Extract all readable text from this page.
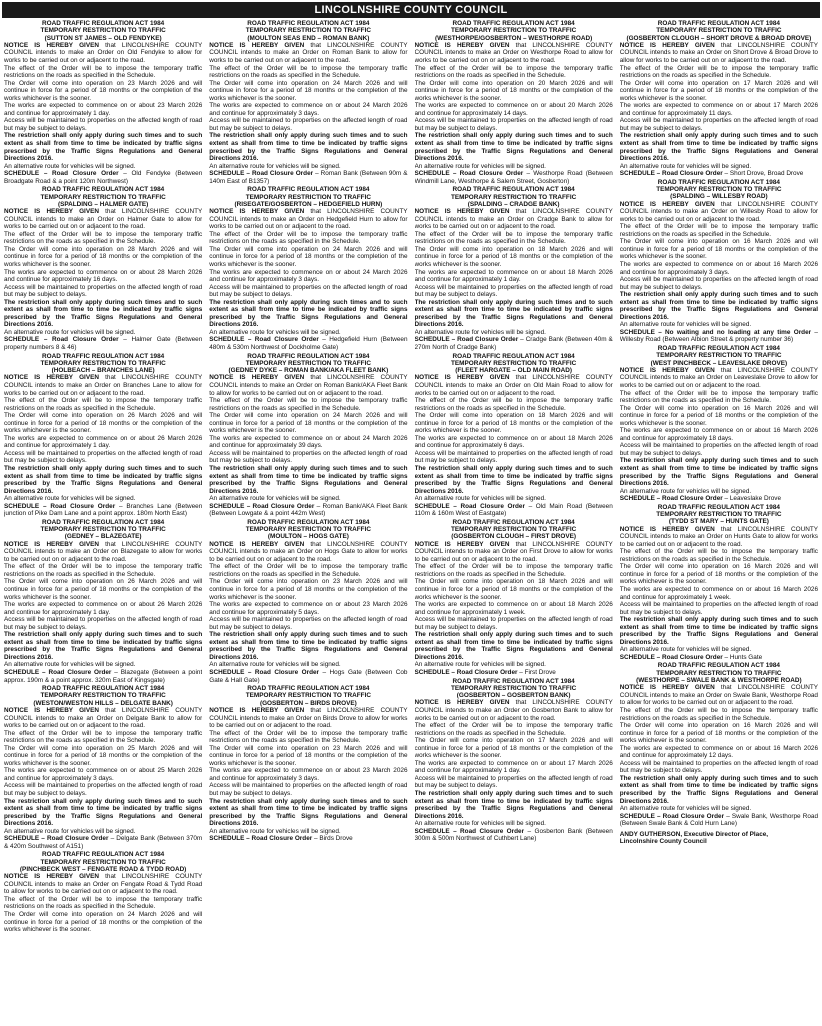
LINCOLNSHIRE COUNTY COUNCIL
ROAD TRAFFIC REGULATION ACT 1984
TEMPORARY RESTRICTION TO TRAFFIC
(SUTTON ST JAMES – OLD FENDYKE)

NOTICE IS HEREBY GIVEN that LINCOLNSHIRE COUNTY COUNCIL intends to make an Order on Old Fendyke to allow for works to be carried out on or adjacent to the road.

The effect of the Order will be to impose the temporary traffic restrictions on the roads as specified in the Schedule.

The Order will come into operation on 23 March 2026 and will continue in force for a period of 18 months or the completion of the works whichever is the sooner.

The works are expected to commence on or about 23 March 2026 and continue for approximately 1 day.

Access will be maintained to properties on the affected length of road but may be subject to delays.

The restriction shall only apply during such times and to such extent as shall from time to time be indicated by traffic signs prescribed by the Traffic Signs Regulations and General Directions 2016.

An alternative route for vehicles will be signed.

SCHEDULE – Road Closure Order – Old Fendyke (Between Broadgate Road & a point 120m Northwest)

ROAD TRAFFIC REGULATION ACT 1984
TEMPORARY RESTRICTION TO TRAFFIC
(SPALDING – HALMER GATE)

NOTICE IS HEREBY GIVEN that LINCOLNSHIRE COUNTY COUNCIL intends to make an Order on Halmer Gate to allow for works to be carried out on or adjacent to the road.

The effect of the Order will be to impose the temporary traffic restrictions on the roads as specified in the Schedule.

The Order will come into operation on 28 March 2026 and will continue in force for a period of 18 months or the completion of the works whichever is the sooner.

The works are expected to commence on or about 28 March 2026 and continue for approximately 16 days.

Access will be maintained to properties on the affected length of road but may be subject to delays.

The restriction shall only apply during such times and to such extent as shall from time to time be indicated by traffic signs prescribed by the Traffic Signs Regulations and General Directions 2016.

An alternative route for vehicles will be signed.

SCHEDULE – Road Closure Order – Halmer Gate (Between property numbers 8 & 46)

ROAD TRAFFIC REGULATION ACT 1984
TEMPORARY RESTRICTION TO TRAFFIC
(HOLBEACH – BRANCHES LANE)

NOTICE IS HEREBY GIVEN that LINCOLNSHIRE COUNTY COUNCIL intends to make an Order on Branches Lane to allow for works to be carried out on or adjacent to the road.

The effect of the Order will be to impose the temporary traffic restrictions on the roads as specified in the Schedule.

The Order will come into operation on 26 March 2026 and will continue in force for a period of 18 months or the completion of the works whichever is the sooner.

The works are expected to commence on or about 26 March 2026 and continue for approximately 1 day.

Access will be maintained to properties on the affected length of road but may be subject to delays.

The restriction shall only apply during such times and to such extent as shall from time to time be indicated by traffic signs prescribed by the Traffic Signs Regulations and General Directions 2016.

An alternative route for vehicles will be signed.

SCHEDULE – Road Closure Order – Branches Lane (Between junction of Pike Dam Lane and a point approx. 180m North East)

ROAD TRAFFIC REGULATION ACT 1984
TEMPORARY RESTRICTION TO TRAFFIC
(GEDNEY – BLAZEGATE)

NOTICE IS HEREBY GIVEN that LINCOLNSHIRE COUNTY COUNCIL intends to make an Order on Blazegate to allow for works to be carried out on or adjacent to the road.

The effect of the Order will be to impose the temporary traffic restrictions on the roads as specified in the Schedule.

The Order will come into operation on 26 March 2026 and will continue in force for a period of 18 months or the completion of the works whichever is the sooner.

The works are expected to commence on or about 26 March 2026 and continue for approximately 1 day.

Access will be maintained to properties on the affected length of road but may be subject to delays.

The restriction shall only apply during such times and to such extent as shall from time to time be indicated by traffic signs prescribed by the Traffic Signs Regulations and General Directions 2016.

An alternative route for vehicles will be signed.

SCHEDULE – Road Closure Order – Blazegate (Between a point approx. 190m & a point approx. 320m East of Kingsgate)

ROAD TRAFFIC REGULATION ACT 1984
TEMPORARY RESTRICTION TO TRAFFIC
(WESTON/WESTON HILLS – DELGATE BANK)

NOTICE IS HEREBY GIVEN that LINCOLNSHIRE COUNTY COUNCIL intends to make an Order on Delgate Bank to allow for works to be carried out on or adjacent to the road.

The effect of the Order will be to impose the temporary traffic restrictions on the roads as specified in the Schedule.

The Order will come into operation on 25 March 2026 and will continue in force for a period of 18 months or the completion of the works whichever is the sooner.

The works are expected to commence on or about 25 March 2026 and continue for approximately 3 days.

Access will be maintained to properties on the affected length of road but may be subject to delays.

The restriction shall only apply during such times and to such extent as shall from time to time be indicated by traffic signs prescribed by the Traffic Signs Regulations and General Directions 2016.

An alternative route for vehicles will be signed.

SCHEDULE – Road Closure Order – Delgate Bank (Between 370m & 420m Southwest of A151)

ROAD TRAFFIC REGULATION ACT 1984
TEMPORARY RESTRICTION TO TRAFFIC
(PINCHBECK WEST – FENGATE ROAD & TYDD ROAD)

NOTICE IS HEREBY GIVEN that LINCOLNSHIRE COUNTY COUNCIL intends to make an Order on Fengate Road & Tydd Road to allow for works to be carried out on or adjacent to the road.

The effect of the Order will be to impose the temporary traffic restrictions on the roads as specified in the Schedule.

The Order will come into operation on 24 March 2026 and will continue in force for a period of 18 months or the completion of the works whichever is the sooner.

ROAD TRAFFIC REGULATION ACT 1984
TEMPORARY RESTRICTION TO TRAFFIC
(MOULTON SEAS END – ROMAN BANK)

NOTICE IS HEREBY GIVEN that LINCOLNSHIRE COUNTY COUNCIL intends to make an Order on Roman Bank to allow for works to be carried out on or adjacent to the road.

The effect of the Order will be to impose the temporary traffic restrictions on the roads as specified in the Schedule.

The Order will come into operation on 24 March 2026 and will continue in force for a period of 18 months or the completion of the works whichever is the sooner.

The works are expected to commence on or about 24 March 2026 and continue for approximately 3 days.

Access will be maintained to properties on the affected length of road but may be subject to delays.

The restriction shall only apply during such times and to such extent as shall from time to time be indicated by traffic signs prescribed by the Traffic Signs Regulations and General Directions 2016.

An alternative route for vehicles will be signed.

SCHEDULE – Road Closure Order – Roman Bank (Between 90m & 140m East of B1357)

ROAD TRAFFIC REGULATION ACT 1984
TEMPORARY RESTRICTION TO TRAFFIC
(RISEGATE/GOSBERTON – HEDGEFIELD HURN)

NOTICE IS HEREBY GIVEN that LINCOLNSHIRE COUNTY COUNCIL intends to make an Order on Hedgefield Hurn to allow for works to be carried out on or adjacent to the road.

The effect of the Order will be to impose the temporary traffic restrictions on the roads as specified in the Schedule.

The Order will come into operation on 24 March 2026 and will continue in force for a period of 18 months or the completion of the works whichever is the sooner.

The works are expected to commence on or about 24 March 2026 and continue for approximately 3 days.

Access will be maintained to properties on the affected length of road but may be subject to delays.

The restriction shall only apply during such times and to such extent as shall from time to time be indicated by traffic signs prescribed by the Traffic Signs Regulations and General Directions 2016.

An alternative route for vehicles will be signed.

SCHEDULE – Road Closure Order – Hedgefield Hurn (Between 480m & 530m Northwest of Dockholme Gate)

ROAD TRAFFIC REGULATION ACT 1984
TEMPORARY RESTRICTION TO TRAFFIC
(GEDNEY DYKE – ROMAN BANK/AKA FLEET BANK)

NOTICE IS HEREBY GIVEN that LINCOLNSHIRE COUNTY COUNCIL intends to make an Order on Roman Bank/AKA Fleet Bank to allow for works to be carried out on or adjacent to the road.

The effect of the Order will be to impose the temporary traffic restrictions on the roads as specified in the Schedule.

The Order will come into operation on 24 March 2026 and will continue in force for a period of 18 months or the completion of the works whichever is the sooner.

The works are expected to commence on or about 24 March 2026 and continue for approximately 39 days.

Access will be maintained to properties on the affected length of road but may be subject to delays.

The restriction shall only apply during such times and to such extent as shall from time to time be indicated by traffic signs prescribed by the Traffic Signs Regulations and General Directions 2016.

An alternative route for vehicles will be signed.

SCHEDULE – Road Closure Order – Roman Bank/AKA Fleet Bank (Between Lowgate & a point 442m West)

ROAD TRAFFIC REGULATION ACT 1984
TEMPORARY RESTRICTION TO TRAFFIC
(MOULTON – HOGS GATE)

NOTICE IS HEREBY GIVEN that LINCOLNSHIRE COUNTY COUNCIL intends to make an Order on Hogs Gate to allow for works to be carried out on or adjacent to the road.

The effect of the Order will be to impose the temporary traffic restrictions on the roads as specified in the Schedule.

The Order will come into operation on 23 March 2026 and will continue in force for a period of 18 months or the completion of the works whichever is the sooner.

The works are expected to commence on or about 23 March 2026 and continue for approximately 5 days.

Access will be maintained to properties on the affected length of road but may be subject to delays.

The restriction shall only apply during such times and to such extent as shall from time to time be indicated by traffic signs prescribed by the Traffic Signs Regulations and General Directions 2016.

An alternative route for vehicles will be signed.

SCHEDULE – Road Closure Order – Hogs Gate (Between Cob Gate & Hall Gate)

ROAD TRAFFIC REGULATION ACT 1984
TEMPORARY RESTRICTION TO TRAFFIC
(GOSBERTON – BIRDS DROVE)

NOTICE IS HEREBY GIVEN that LINCOLNSHIRE COUNTY COUNCIL intends to make an Order on Birds Drove to allow for works to be carried out on or adjacent to the road.

The effect of the Order will be to impose the temporary traffic restrictions on the roads as specified in the Schedule.

The Order will come into operation on 23 March 2026 and will continue in force for a period of 18 months or the completion of the works whichever is the sooner.

The works are expected to commence on or about 23 March 2026 and continue for approximately 3 days.

Access will be maintained to properties on the affected length of road but may be subject to delays.

The restriction shall only apply during such times and to such extent as shall from time to time be indicated by traffic signs prescribed by the Traffic Signs Regulations and General Directions 2016.

An alternative route for vehicles will be signed.

SCHEDULE – Road Closure Order – Birds Drove

ROAD TRAFFIC REGULATION ACT 1984
TEMPORARY RESTRICTION TO TRAFFIC
(WESTHORPE/GOSBERTON – WESTHORPE ROAD)

NOTICE IS HEREBY GIVEN that LINCOLNSHIRE COUNTY COUNCIL intends to make an Order on Westhorpe Road to allow for works to be carried out on or adjacent to the road.

The effect of the Order will be to impose the temporary traffic restrictions on the roads as specified in the Schedule.

The Order will come into operation on 20 March 2026 and will continue in force for a period of 18 months or the completion of the works whichever is the sooner.

The works are expected to commence on or about 20 March 2026 and continue for approximately 14 days.

Access will be maintained to properties on the affected length of road but may be subject to delays.

The restriction shall only apply during such times and to such extent as shall from time to time be indicated by traffic signs prescribed by the Traffic Signs Regulations and General Directions 2016.

An alternative route for vehicles will be signed.

SCHEDULE – Road Closure Order – Westhorpe Road (Between Windmill Lane, Westhorpe & Salem Street, Gosberton)

ROAD TRAFFIC REGULATION ACT 1984
TEMPORARY RESTRICTION TO TRAFFIC
(SPALDING – CRADGE BANK)

NOTICE IS HEREBY GIVEN that LINCOLNSHIRE COUNTY COUNCIL intends to make an Order on Cradge Bank to allow for works to be carried out on or adjacent to the road.

The effect of the Order will be to impose the temporary traffic restrictions on the roads as specified in the Schedule.

The Order will come into operation on 18 March 2026 and will continue in force for a period of 18 months or the completion of the works whichever is the sooner.

The works are expected to commence on or about 18 March 2026 and continue for approximately 1 day.

Access will be maintained to properties on the affected length of road but may be subject to delays.

The restriction shall only apply during such times and to such extent as shall from time to time be indicated by traffic signs prescribed by the Traffic Signs Regulations and General Directions 2016.

An alternative route for vehicles will be signed.

SCHEDULE – Road Closure Order – Cradge Bank (Between 40m & 270m North of Cradge Bank)

ROAD TRAFFIC REGULATION ACT 1984
TEMPORARY RESTRICTION TO TRAFFIC
(FLEET HARGATE – OLD MAIN ROAD)

NOTICE IS HEREBY GIVEN that LINCOLNSHIRE COUNTY COUNCIL intends to make an Order on Old Main Road to allow for works to be carried out on or adjacent to the road.

The effect of the Order will be to impose the temporary traffic restrictions on the roads as specified in the Schedule.

The Order will come into operation on 18 March 2026 and will continue in force for a period of 18 months or the completion of the works whichever is the sooner.

The works are expected to commence on or about 18 March 2026 and continue for approximately 6 days.

Access will be maintained to properties on the affected length of road but may be subject to delays.

The restriction shall only apply during such times and to such extent as shall from time to time be indicated by traffic signs prescribed by the Traffic Signs Regulations and General Directions 2016.

An alternative route for vehicles will be signed.

SCHEDULE – Road Closure Order – Old Main Road (Between 110m & 160m West of Eastgate)

ROAD TRAFFIC REGULATION ACT 1984
TEMPORARY RESTRICTION TO TRAFFIC
(GOSBERTON CLOUGH – FIRST DROVE)

NOTICE IS HEREBY GIVEN that LINCOLNSHIRE COUNTY COUNCIL intends to make an Order on First Drove to allow for works to be carried out on or adjacent to the road.

The effect of the Order will be to impose the temporary traffic restrictions on the roads as specified in the Schedule.

The Order will come into operation on 18 March 2026 and will continue in force for a period of 18 months or the completion of the works whichever is the sooner.

The works are expected to commence on or about 18 March 2026 and continue for approximately 1 week.

Access will be maintained to properties on the affected length of road but may be subject to delays.

The restriction shall only apply during such times and to such extent as shall from time to time be indicated by traffic signs prescribed by the Traffic Signs Regulations and General Directions 2016.

An alternative route for vehicles will be signed.

SCHEDULE – Road Closure Order – First Drove

ROAD TRAFFIC REGULATION ACT 1984
TEMPORARY RESTRICTION TO TRAFFIC
(GOSBERTON – GOSBERTON BANK)

NOTICE IS HEREBY GIVEN that LINCOLNSHIRE COUNTY COUNCIL intends to make an Order on Gosberton Bank to allow for works to be carried out on or adjacent to the road.

The effect of the Order will be to impose the temporary traffic restrictions on the roads as specified in the Schedule.

The Order will come into operation on 17 March 2026 and will continue in force for a period of 18 months or the completion of the works whichever is the sooner.

The works are expected to commence on or about 17 March 2026 and continue for approximately 1 day.

Access will be maintained to properties on the affected length of road but may be subject to delays.

The restriction shall only apply during such times and to such extent as shall from time to time be indicated by traffic signs prescribed by the Traffic Signs Regulations and General Directions 2016.

An alternative route for vehicles will be signed.

SCHEDULE – Road Closure Order – Gosberton Bank (Between 300m & 500m Northwest of Cuthbert Lane)

ROAD TRAFFIC REGULATION ACT 1984
TEMPORARY RESTRICTION TO TRAFFIC
(GOSBERTON CLOUGH – SHORT DROVE & BROAD DROVE)

NOTICE IS HEREBY GIVEN that LINCOLNSHIRE COUNTY COUNCIL intends to make an Order on Short Drove & Broad Drove to allow for works to be carried out on or adjacent to the road.

The effect of the Order will be to impose the temporary traffic restrictions on the roads as specified in the Schedule.

The Order will come into operation on 17 March 2026 and will continue in force for a period of 18 months or the completion of the works whichever is the sooner.

The works are expected to commence on or about 17 March 2026 and continue for approximately 11 days.

Access will be maintained to properties on the affected length of road but may be subject to delays.

The restriction shall only apply during such times and to such extent as shall from time to time be indicated by traffic signs prescribed by the Traffic Signs Regulations and General Directions 2016.

An alternative route for vehicles will be signed.

SCHEDULE – Road Closure Order – Short Drove, Broad Drove

ROAD TRAFFIC REGULATION ACT 1984
TEMPORARY RESTRICTION TO TRAFFIC
(SPALDING – WILLESBY ROAD)

NOTICE IS HEREBY GIVEN that LINCOLNSHIRE COUNTY COUNCIL intends to make an Order on Willesby Road to allow for works to be carried out on or adjacent to the road.

The effect of the Order will be to impose the temporary traffic restrictions on the roads as specified in the Schedule.

The Order will come into operation on 16 March 2026 and will continue in force for a period of 18 months or the completion of the works whichever is the sooner.

The works are expected to commence on or about 16 March 2026 and continue for approximately 3 days.

Access will be maintained to properties on the affected length of road but may be subject to delays.

The restriction shall only apply during such times and to such extent as shall from time to time be indicated by traffic signs prescribed by the Traffic Signs Regulations and General Directions 2016.

An alternative route for vehicles will be signed.

SCHEDULE – No waiting and no loading at any time Order – Willesby Road (Between Albion Street & property number 36)

ROAD TRAFFIC REGULATION ACT 1984
TEMPORARY RESTRICTION TO TRAFFIC
(WEST PINCHBECK – LEAVESLAKE DROVE)

NOTICE IS HEREBY GIVEN that LINCOLNSHIRE COUNTY COUNCIL intends to make an Order on Leaveslake Drove to allow for works to be carried out on or adjacent to the road.

The effect of the Order will be to impose the temporary traffic restrictions on the roads as specified in the Schedule.

The Order will come into operation on 16 March 2026 and will continue in force for a period of 18 months or the completion of the works whichever is the sooner.

The works are expected to commence on or about 16 March 2026 and continue for approximately 18 days.

Access will be maintained to properties on the affected length of road but may be subject to delays.

The restriction shall only apply during such times and to such extent as shall from time to time be indicated by traffic signs prescribed by the Traffic Signs Regulations and General Directions 2016.

An alternative route for vehicles will be signed.

SCHEDULE – Road Closure Order – Leaveslake Drove

ROAD TRAFFIC REGULATION ACT 1984
TEMPORARY RESTRICTION TO TRAFFIC
(TYDD ST MARY – HUNTS GATE)

NOTICE IS HEREBY GIVEN that LINCOLNSHIRE COUNTY COUNCIL intends to make an Order on Hunts Gate to allow for works to be carried out on or adjacent to the road.

The effect of the Order will be to impose the temporary traffic restrictions on the roads as specified in the Schedule.

The Order will come into operation on 16 March 2026 and will continue in force for a period of 18 months or the completion of the works whichever is the sooner.

The works are expected to commence on or about 16 March 2026 and continue for approximately 1 week.

Access will be maintained to properties on the affected length of road but may be subject to delays.

The restriction shall only apply during such times and to such extent as shall from time to time be indicated by traffic signs prescribed by the Traffic Signs Regulations and General Directions 2016.

An alternative route for vehicles will be signed.

SCHEDULE – Road Closure Order – Hunts Gate

ROAD TRAFFIC REGULATION ACT 1984
TEMPORARY RESTRICTION TO TRAFFIC
(WESTHORPE – SWALE BANK & WESTHORPE ROAD)

NOTICE IS HEREBY GIVEN that LINCOLNSHIRE COUNTY COUNCIL intends to make an Order on Swale Bank, Westhorpe Road to allow for works to be carried out on or adjacent to the road.

The effect of the Order will be to impose the temporary traffic restrictions on the roads as specified in the Schedule.

The Order will come into operation on 16 March 2026 and will continue in force for a period of 18 months or the completion of the works whichever is the sooner.

The works are expected to commence on or about 16 March 2026 and continue for approximately 12 days.

Access will be maintained to properties on the affected length of road but may be subject to delays.

The restriction shall only apply during such times and to such extent as shall from time to time be indicated by traffic signs prescribed by the Traffic Signs Regulations and General Directions 2016.

An alternative route for vehicles will be signed.

SCHEDULE – Road Closure Order – Swale Bank, Westhorpe Road (Between Swale Bank & Cold Hurn Lane)

ANDY GUTHERSON, Executive Director of Place,
Lincolnshire County Council
